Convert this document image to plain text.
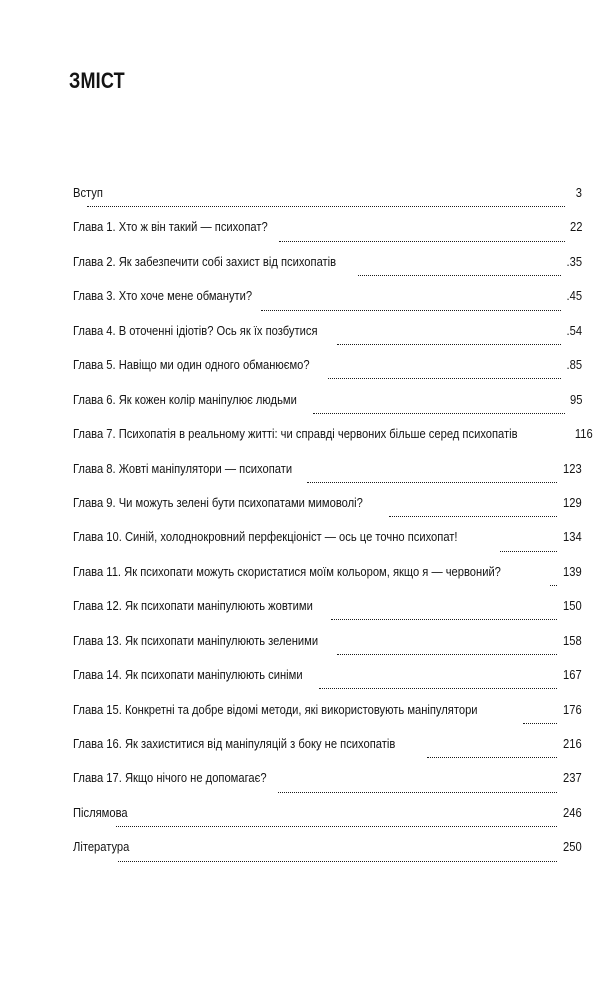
ЗМІСТ
Вступ	3
Глава 1. Хто ж він такий — психопат?	22
Глава 2. Як забезпечити собі захист від психопатів	.35
Глава 3. Хто хоче мене обманути?	.45
Глава 4. В оточенні ідіотів? Ось як їх позбутися	.54
Глава 5. Навіщо ми один одного обманюємо?	.85
Глава 6. Як кожен колір маніпулює людьми	95
Глава 7. Психопатія в реальному житті: чи справді червоних більше серед психопатів	116
Глава 8. Жовті маніпулятори — психопати	123
Глава 9. Чи можуть зелені бути психопатами мимоволі?	129
Глава 10. Синій, холоднокровний перфекціоніст — ось це точно психопат!	134
Глава 11. Як психопати можуть скористатися моїм кольором, якщо я — червоний?	139
Глава 12. Як психопати маніпулюють жовтими	150
Глава 13. Як психопати маніпулюють зеленими	158
Глава 14. Як психопати маніпулюють синіми	167
Глава 15. Конкретні та добре відомі методи, які використовують маніпулятори	176
Глава 16. Як захиститися від маніпуляцій з боку не психопатів	216
Глава 17. Якщо нічого не допомагає?	237
Післямова	246
Література	250
